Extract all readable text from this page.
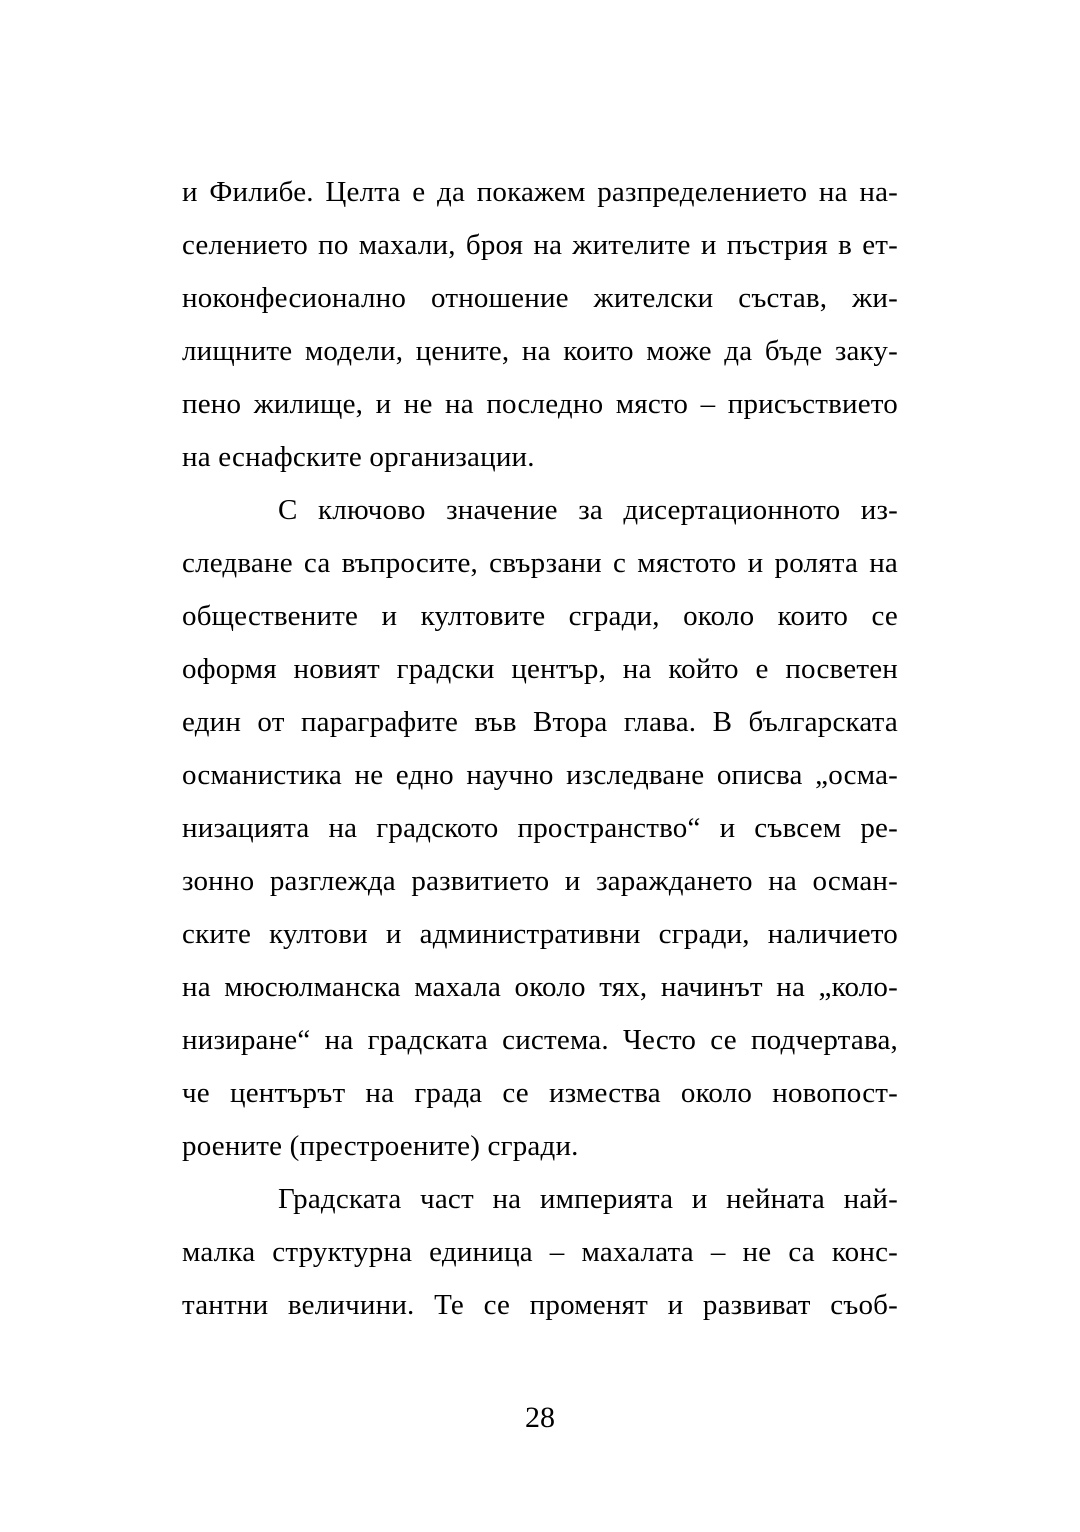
и Филибе. Целта е да покажем разпределението на на-
селението по махали, броя на жителите и пъстрия в ет-
ноконфесионално отношение жителски състав, жи-
лищните модели, цените, на които може да бъде заку-
пено жилище, и не на последно място – присъствието
на еснафските организации.
С ключово значение за дисертационното из-
следване са въпросите, свързани с мястото и ролята на
обществените и култовите сгради, около които се
оформя новият градски център, на който е посветен
един от параграфите във Втора глава. В българската
османистика не едно научно изследване описва „осма-
низацията на градското пространство“ и съвсем ре-
зонно разглежда развитието и зараждането на осман-
ските култови и административни сгради, наличието
на мюсюлманска махала около тях, начинът на „коло-
низиране“ на градската система. Често се подчертава,
че центърът на града се измества около новопост-
роените (престроените) сгради.
Градската част на империята и нейната най-
малка структурна единица – махалата – не са конс-
тантни величини. Те се променят и развиват съоб-
28
